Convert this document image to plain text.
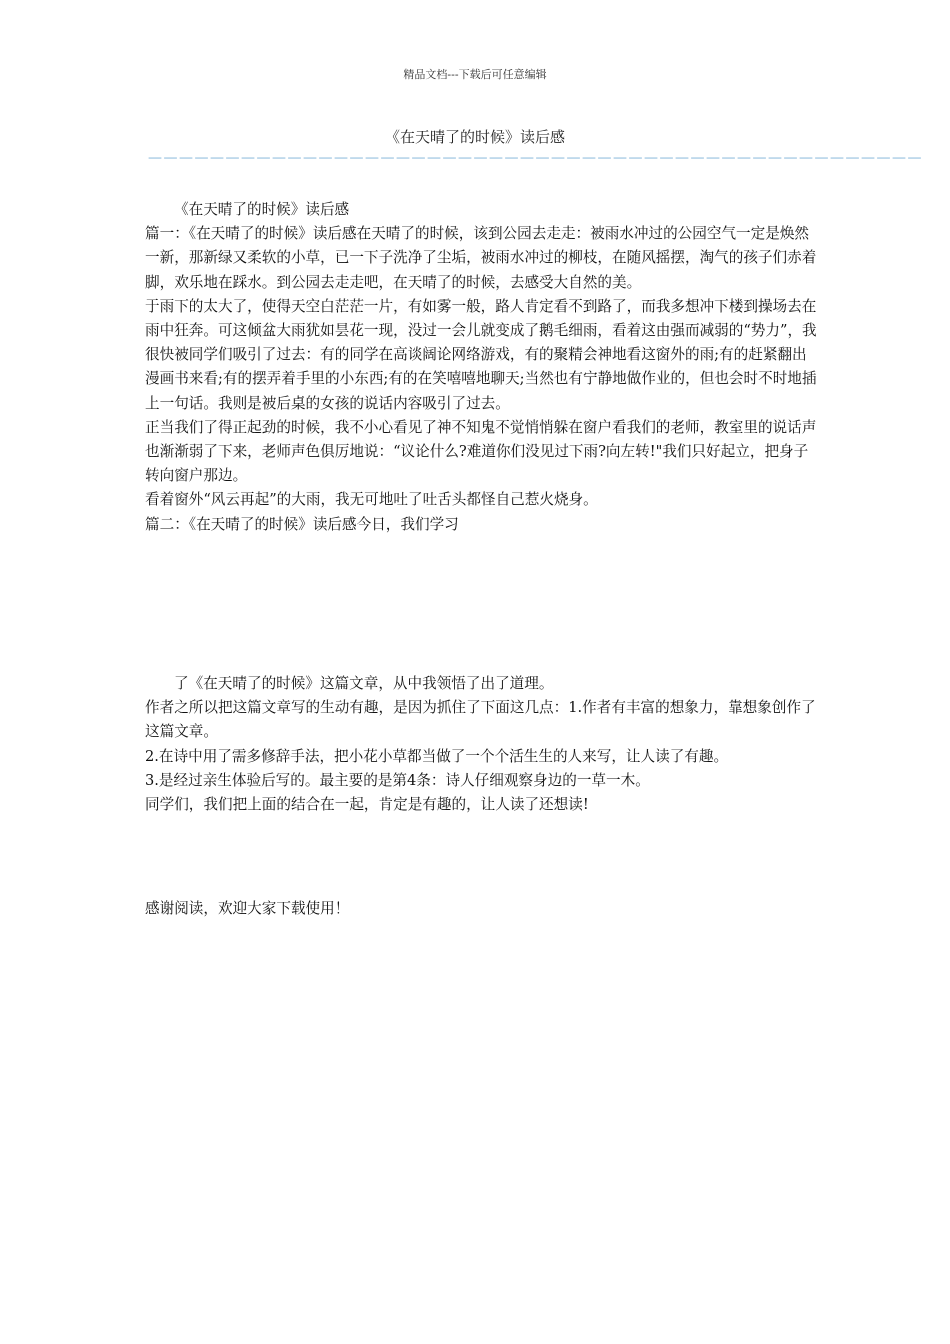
精品文档---下载后可任意编辑
《在天晴了的时候》读后感
——————————————————————————————————————————————————

《在天晴了的时候》读后感

篇一：《在天晴了的时候》读后感在天晴了的时候，该到公园去走走：被雨水冲过的公园空气一定是焕然一新，那新绿又柔软的小草，已一下子洗净了尘垢，被雨水冲过的柳枝，在随风摇摆，淘气的孩子们赤着脚，欢乐地在踩水。到公园去走走吧，在天晴了的时候，去感受大自然的美。

于雨下的太大了，使得天空白茫茫一片，有如雾一般，路人肯定看不到路了，而我多想冲下楼到操场去在雨中狂奔。可这倾盆大雨犹如昙花一现，没过一会儿就变成了鹅毛细雨，看着这由强而减弱的“势力”，我很快被同学们吸引了过去：有的同学在高谈阔论网络游戏，有的聚精会神地看这窗外的雨;有的赶紧翻出漫画书来看;有的摆弄着手里的小东西;有的在笑嘻嘻地聊天;当然也有宁静地做作业的，但也会时不时地插上一句话。我则是被后桌的女孩的说话内容吸引了过去。

正当我们了得正起劲的时候，我不小心看见了神不知鬼不觉悄悄躲在窗户看我们的老师，教室里的说话声也渐渐弱了下来，老师声色俱厉地说：“议论什么?难道你们没见过下雨?向左转!"我们只好起立，把身子转向窗户那边。

看着窗外“风云再起”的大雨，我无可地吐了吐舌头都怪自己惹火烧身。

篇二：《在天晴了的时候》读后感今日，我们学习

了《在天晴了的时候》这篇文章，从中我领悟了出了道理。

作者之所以把这篇文章写的生动有趣，是因为抓住了下面这几点：1.作者有丰富的想象力，靠想象创作了这篇文章。

2.在诗中用了需多修辞手法，把小花小草都当做了一个个活生生的人来写，让人读了有趣。

3.是经过亲生体验后写的。最主要的是第4条：诗人仔细观察身边的一草一木。

同学们，我们把上面的结合在一起，肯定是有趣的，让人读了还想读!

感谢阅读，欢迎大家下载使用！
